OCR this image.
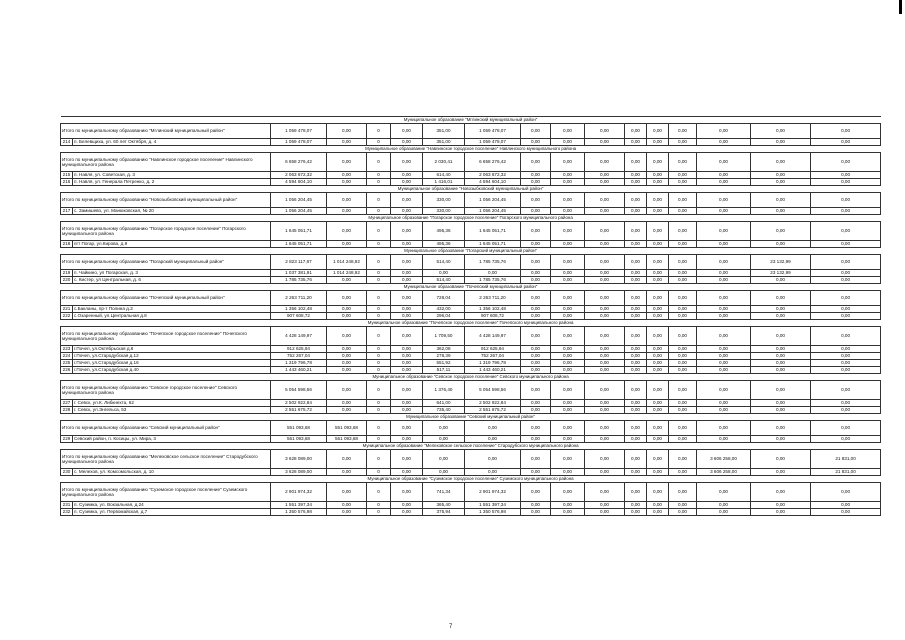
Муниципальное образование "Мглинский муниципальный район"																
Итого по муниципальному образованию "Мглинский муниципальный район"		1 059 478,07	0,00	0	0,00	351,00	1 059 478,07	0,00	0,00	0,00	0,00	0,00	0,00	0,00	0,00	0,00
214	п. Белевщиха, ул. 60 лет Октября, д. 4	1 059 478,07	0,00	0	0,00	351,00	1 059 478,07	0,00	0,00	0,00	0,00	0,00	0,00	0,00	0,00	0,00
Муниципальное образование "Навлинское городское поселение" Навлинского муниципального района																
Итого по муниципальному образованию "Навлинское городское поселение" Навлинского муниципального района		6 658 276,42	0,00	0	0,00	2 030,41	6 658 276,42	0,00	0,00	0,00	0,00	0,00	0,00	0,00	0,00	0,00
215	п. Навля, ул. Советская, д. 3	2 063 672,32	0,00	0	0,00	614,40	2 063 672,32	0,00	0,00	0,00	0,00	0,00	0,00	0,00	0,00	0,00
216	п. Навля, ул. Генерала Петренко, д. 2	4 594 604,10	0,00	0	0,00	1 416,01	4 594 604,10	0,00	0,00	0,00	0,00	0,00	0,00	0,00	0,00	0,00
Муниципальное образование "Новозыбковский муниципальный район"																
Итого по муниципальному образованию "Новозыбковский муниципальный район"		1 056 204,45	0,00	0	0,00	330,00	1 056 204,45	0,00	0,00	0,00	0,00	0,00	0,00	0,00	0,00	0,00
217	с. Замишево, ул. Манюковская, № 20	1 056 204,45	0,00	0	0,00	330,00	1 056 204,45	0,00	0,00	0,00	0,00	0,00	0,00	0,00	0,00	0,00
Муниципальное образование "Погарское городское поселение" Погарского муниципального района																
Итого по муниципальному образованию "Погарское городское поселение" Погарского муниципального района		1 645 051,71	0,00	0	0,00	495,36	1 645 051,71	0,00	0,00	0,00	0,00	0,00	0,00	0,00	0,00	0,00
218	пгт Погар, ул.Кирова, д.9	1 645 051,71	0,00	0	0,00	495,36	1 645 051,71	0,00	0,00	0,00	0,00	0,00	0,00	0,00	0,00	0,00
Муниципальное образование "Погарский муниципальный район"																
Итого по муниципальному образованию "Погарский муниципальный район"		2 823 117,67	1 014 248,92	0	0,00	514,40	1 785 735,76	0,00	0,00	0,00	0,00	0,00	0,00	0,00	23 132,99	0,00
219	п. Чайкино, ул Погарская, д. 3	1 037 381,91	1 014 248,92	0	0,00	0,00	0,00	0,00	0,00	0,00	0,00	0,00	0,00	0,00	23 132,99	0,00
220	с. Кистер, ул Центральная, д. 6	1 785 735,76	0,00	0	0,00	514,40	1 785 735,76	0,00	0,00	0,00	0,00	0,00	0,00	0,00	0,00	0,00
Муниципальное образование "Почепский муниципальный район"																
Итого по муниципальному образованию "Почепский муниципальный район"		2 263 711,20	0,00	0	0,00	728,04	2 263 711,20	0,00	0,00	0,00	0,00	0,00	0,00	0,00	0,00	0,00
221	с.Бакланы, пр-т Полина д.3	1 356 102,48	0,00	0	0,00	432,00	1 356 102,48	0,00	0,00	0,00	0,00	0,00	0,00	0,00	0,00	0,00
222	с.Озаренный, ул.Центральная д.8	907 608,72	0,00	0	0,00	296,04	907 608,72	0,00	0,00	0,00	0,00	0,00	0,00	0,00	0,00	0,00
Муниципальное образование "Почепское городское поселение" Почепского муниципального района																
Итого по муниципальному образованию "Почепское городское поселение" Почепского муниципального района		4 428 149,97	0,00	0	0,00	1 709,50	4 428 149,97	0,00	0,00	0,00	0,00	0,00	0,00	0,00	0,00	0,00
223	г.Почеп, ул.Октябрьская д.8	912 625,94	0,00	0	0,00	362,08	912 625,94	0,00	0,00	0,00	0,00	0,00	0,00	0,00	0,00	0,00
224	г.Почеп, ул.Стародубская д.12	752 267,04	0,00	0	0,00	278,39	752 267,04	0,00	0,00	0,00	0,00	0,00	0,00	0,00	0,00	0,00
225	г.Почеп, ул.Стародубская д.16	1 319 796,78	0,00	0	0,00	551,92	1 319 796,78	0,00	0,00	0,00	0,00	0,00	0,00	0,00	0,00	0,00
226	г.Почеп, ул.Стародубская д.40	1 443 460,21	0,00	0	0,00	517,11	1 443 460,21	0,00	0,00	0,00	0,00	0,00	0,00	0,00	0,00	0,00
Муниципальное образование "Севское городское поселение" Севского муниципального района																
Итого по муниципальному образованию "Севское городское поселение" Севского муниципального района		5 054 598,56	0,00	0	0,00	1 376,40	5 054 598,56	0,00	0,00	0,00	0,00	0,00	0,00	0,00	0,00	0,00
227	г. Севск, ул.К. Либкнехта, 62	2 502 922,84	0,00	0	0,00	641,00	2 502 922,84	0,00	0,00	0,00	0,00	0,00	0,00	0,00	0,00	0,00
228	г. Севск, ул.Энгельса, 53	2 551 675,72	0,00	0	0,00	735,40	2 551 675,72	0,00	0,00	0,00	0,00	0,00	0,00	0,00	0,00	0,00
Муниципальное образование "Севский муниципальный район"																
Итого по муниципальному образованию "Севский муниципальный район"		551 093,68	551 093,68	0	0,00	0,00	0,00	0,00	0,00	0,00	0,00	0,00	0,00	0,00	0,00	0,00
229	Севский район, п. Косицы, ул. Мира, 3	551 093,68	551 093,68	0	0,00	0,00	0,00	0,00	0,00	0,00	0,00	0,00	0,00	0,00	0,00	0,00
Муниципальное образование "Мелеховское сельское поселение" Стародубского муниципального района																
Итого по муниципальному образованию "Мелеховское сельское поселение" Стародубского муниципального района		3 628 089,00	0,00	0	0,00	0,00	0,00	0,00	0,00	0,00	0,00	0,00	0,00	3 606 258,00	0,00	21 831,00
230	с. Мелехов, ул. Комсомольская, д. 10	3 628 089,00	0,00	0	0,00	0,00	0,00	0,00	0,00	0,00	0,00	0,00	0,00	3 606 258,00	0,00	21 831,00
Муниципальное образование "Суземское городское поселение" Суземского муниципального района																
Итого по муниципальному образованию "Суземское городское поселение" Суземского муниципального района		2 901 974,32	0,00	0	0,00	741,34	2 901 974,32	0,00	0,00	0,00	0,00	0,00	0,00	0,00	0,00	0,00
231	п. Суземка, ул. Вокзальная, д.24	1 551 397,34	0,00	0	0,00	365,40	1 551 397,34	0,00	0,00	0,00	0,00	0,00	0,00	0,00	0,00	0,00
232	п. Суземка, ул. Первомайская, д.7	1 350 576,98	0,00	0	0,00	375,94	1 350 576,98	0,00	0,00	0,00	0,00	0,00	0,00	0,00	0,00	0,00
7
